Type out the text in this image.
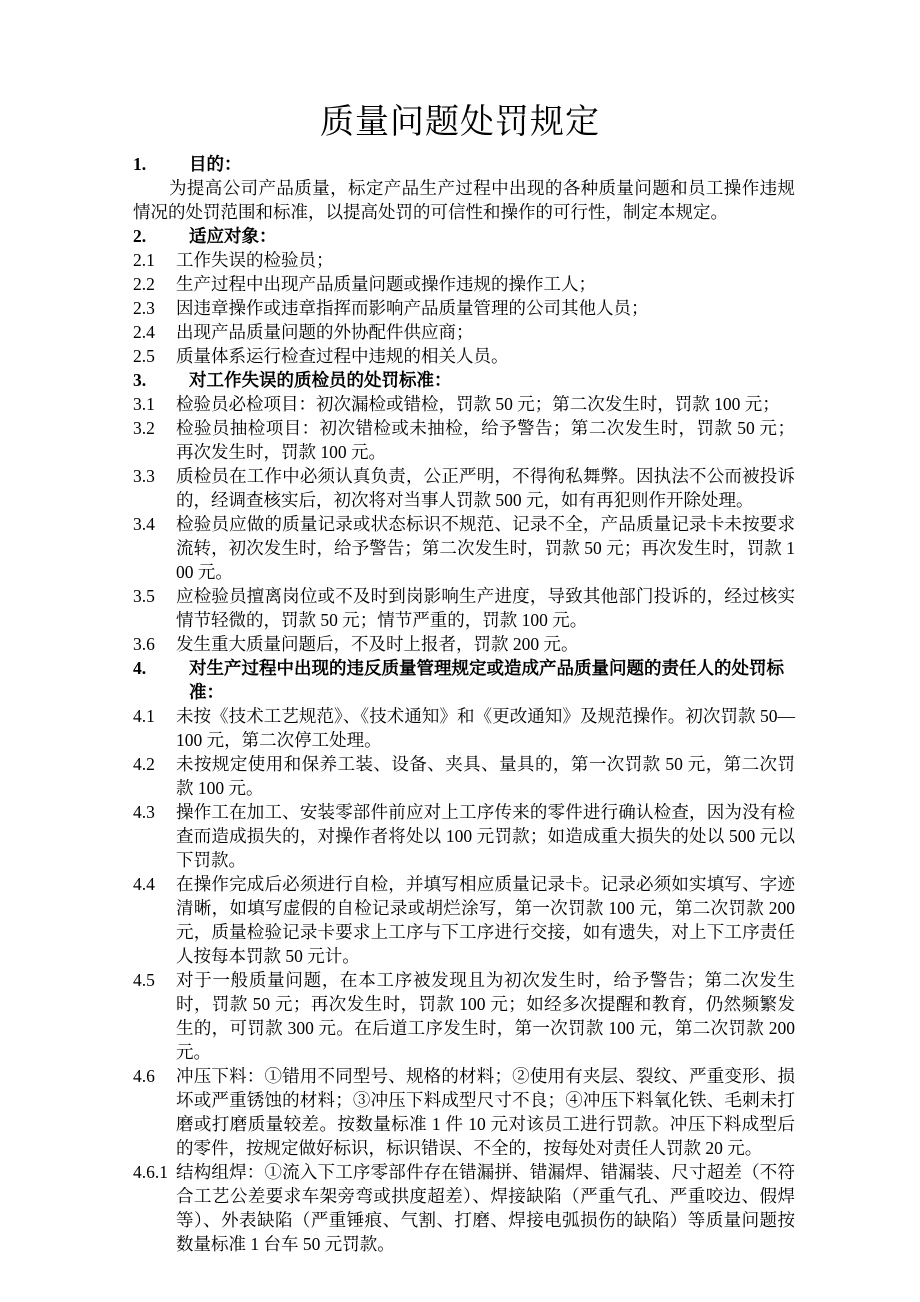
质量问题处罚规定
1.	目的：

为提高公司产品质量，标定产品生产过程中出现的各种质量问题和员工操作违规情况的处罚范围和标准，以提高处罚的可信性和操作的可行性，制定本规定。

2.	适应对象：
2.1	工作失误的检验员；
2.2	生产过程中出现产品质量问题或操作违规的操作工人；
2.3	因违章操作或违章指挥而影响产品质量管理的公司其他人员；
2.4	出现产品质量问题的外协配件供应商；
2.5	质量体系运行检查过程中违规的相关人员。
3.	对工作失误的质检员的处罚标准：
3.1	检验员必检项目：初次漏检或错检，罚款 50 元；第二次发生时，罚款 100 元；
3.2	检验员抽检项目：初次错检或未抽检，给予警告；第二次发生时，罚款 50 元；再次发生时，罚款 100 元。
3.3	质检员在工作中必须认真负责，公正严明，不得徇私舞弊。因执法不公而被投诉的，经调查核实后，初次将对当事人罚款 500 元，如有再犯则作开除处理。
3.4	检验员应做的质量记录或状态标识不规范、记录不全，产品质量记录卡未按要求流转，初次发生时，给予警告；第二次发生时，罚款 50 元；再次发生时，罚款 100 元。
3.5	应检验员擅离岗位或不及时到岗影响生产进度，导致其他部门投诉的，经过核实情节轻微的，罚款 50 元；情节严重的，罚款 100 元。
3.6	发生重大质量问题后，不及时上报者，罚款 200 元。
4.	对生产过程中出现的违反质量管理规定或造成产品质量问题的责任人的处罚标准：
4.1	未按《技术工艺规范》、《技术通知》和《更改通知》及规范操作。初次罚款 50—100 元，第二次停工处理。
4.2	未按规定使用和保养工装、设备、夹具、量具的，第一次罚款 50 元，第二次罚款 100 元。
4.3	操作工在加工、安装零部件前应对上工序传来的零件进行确认检查，因为没有检查而造成损失的，对操作者将处以 100 元罚款；如造成重大损失的处以 500 元以下罚款。
4.4	在操作完成后必须进行自检，并填写相应质量记录卡。记录必须如实填写、字迹清晰，如填写虚假的自检记录或胡烂涂写，第一次罚款 100 元，第二次罚款 200 元，质量检验记录卡要求上工序与下工序进行交接，如有遗失，对上下工序责任人按每本罚款 50 元计。
4.5	对于一般质量问题，在本工序被发现且为初次发生时，给予警告；第二次发生时，罚款 50 元；再次发生时，罚款 100 元；如经多次提醒和教育，仍然频繁发生的，可罚款 300 元。在后道工序发生时，第一次罚款 100 元，第二次罚款 200 元。
4.6	冲压下料：①错用不同型号、规格的材料；②使用有夹层、裂纹、严重变形、损坏或严重锈蚀的材料；③冲压下料成型尺寸不良；④冲压下料氧化铁、毛刺未打磨或打磨质量较差。按数量标准 1 件 10 元对该员工进行罚款。冲压下料成型后的零件，按规定做好标识，标识错误、不全的，按每处对责任人罚款 20 元。
4.6.1 结构组焊：①流入下工序零部件存在错漏拼、错漏焊、错漏装、尺寸超差（不符合工艺公差要求车架旁弯或拱度超差）、焊接缺陷（严重气孔、严重咬边、假焊等）、外表缺陷（严重锤痕、气割、打磨、焊接电弧损伤的缺陷）等质量问题按数量标准 1 台车 50 元罚款。
